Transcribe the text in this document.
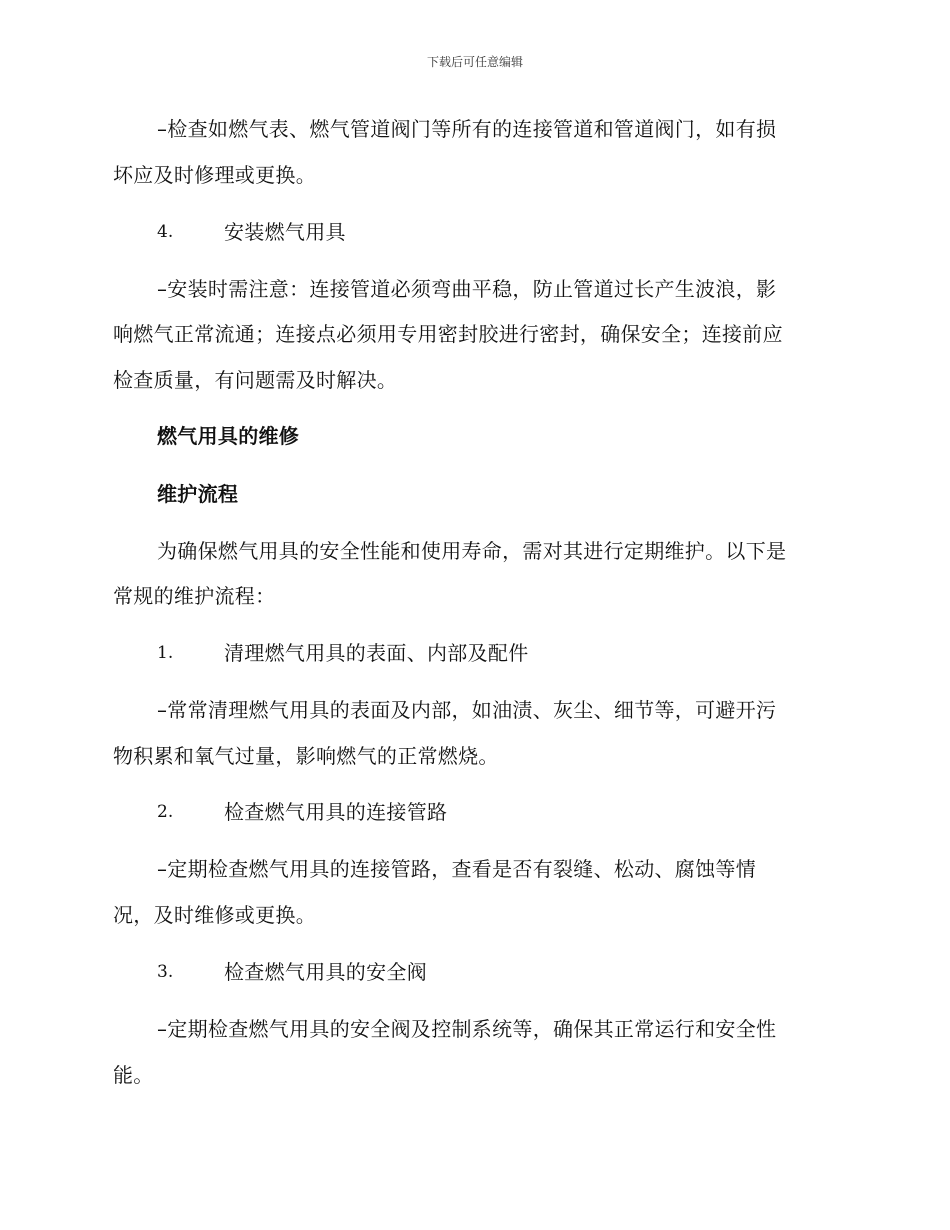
下载后可任意编辑
–检查如燃气表、燃气管道阀门等所有的连接管道和管道阀门，如有损
坏应及时修理或更换。
4.	安装燃气用具
–安装时需注意：连接管道必须弯曲平稳，防止管道过长产生波浪，影
响燃气正常流通；连接点必须用专用密封胶进行密封，确保安全；连接前应
检查质量，有问题需及时解决。
燃气用具的维修
维护流程
为确保燃气用具的安全性能和使用寿命，需对其进行定期维护。以下是
常规的维护流程：
1.	清理燃气用具的表面、内部及配件
–常常清理燃气用具的表面及内部，如油渍、灰尘、细节等，可避开污
物积累和氧气过量，影响燃气的正常燃烧。
2.	检查燃气用具的连接管路
–定期检查燃气用具的连接管路，查看是否有裂缝、松动、腐蚀等情
况，及时维修或更换。
3.	检查燃气用具的安全阀
–定期检查燃气用具的安全阀及控制系统等，确保其正常运行和安全性
能。
